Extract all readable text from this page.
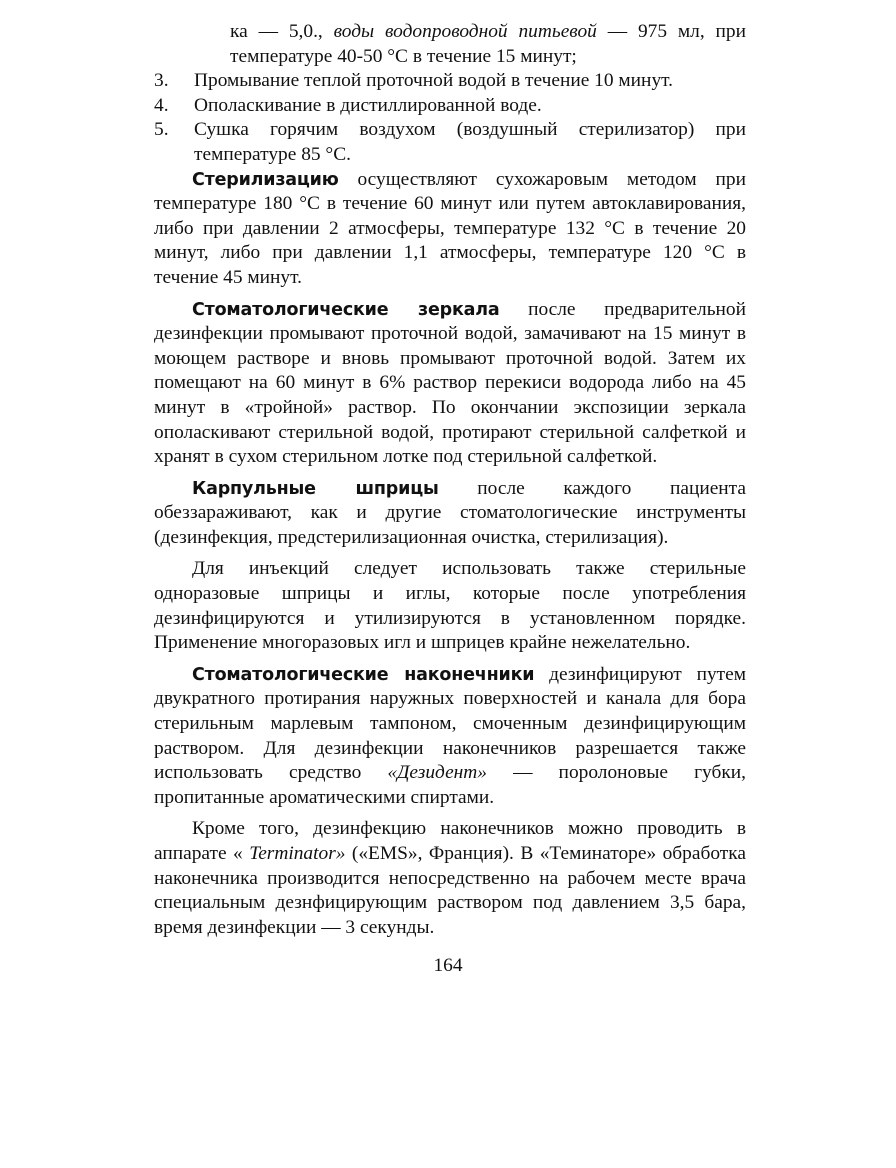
ка — 5,0., воды водопроводной питьевой — 975 мл, при температуре 40-50 °С в течение 15 минут;

3. Промывание теплой проточной водой в течение 10 минут.
4. Ополаскивание в дистиллированной воде.
5. Сушка горячим воздухом (воздушный стерилизатор) при температуре 85 °С.

Стерилизацию осуществляют сухожаровым методом при температуре 180 °С в течение 60 минут или путем автоклавирования, либо при давлении 2 атмосферы, температуре 132 °С в течение 20 минут, либо при давлении 1,1 атмосферы, температуре 120 °С в течение 45 минут.

Стоматологические зеркала после предварительной дезинфекции промывают проточной водой, замачивают на 15 минут в моющем растворе и вновь промывают проточной водой. Затем их помещают на 60 минут в 6% раствор перекиси водорода либо на 45 минут в «тройной» раствор. По окончании экспозиции зеркала ополаскивают стерильной водой, протирают стерильной салфеткой и хранят в сухом стерильном лотке под стерильной салфеткой.

Карпульные шприцы после каждого пациента обеззараживают, как и другие стоматологические инструменты (дезинфекция, предстерилизационная очистка, стерилизация).

Для инъекций следует использовать также стерильные одноразовые шприцы и иглы, которые после употребления дезинфицируются и утилизируются в установленном порядке. Применение многоразовых игл и шприцев крайне нежелательно.

Стоматологические наконечники дезинфицируют путем двукратного протирания наружных поверхностей и канала для бора стерильным марлевым тампоном, смоченным дезинфицирующим раствором. Для дезинфекции наконечников разрешается также использовать средство «Дезидент» — поролоновые губки, пропитанные ароматическими спиртами.

Кроме того, дезинфекцию наконечников можно проводить в аппарате « Terminator» («EMS», Франция). В «Теминаторе» обработка наконечника производится непосредственно на рабочем месте врача специальным дезнфицирующим раствором под давлением 3,5 бара, время дезинфекции — 3 секунды.

164
